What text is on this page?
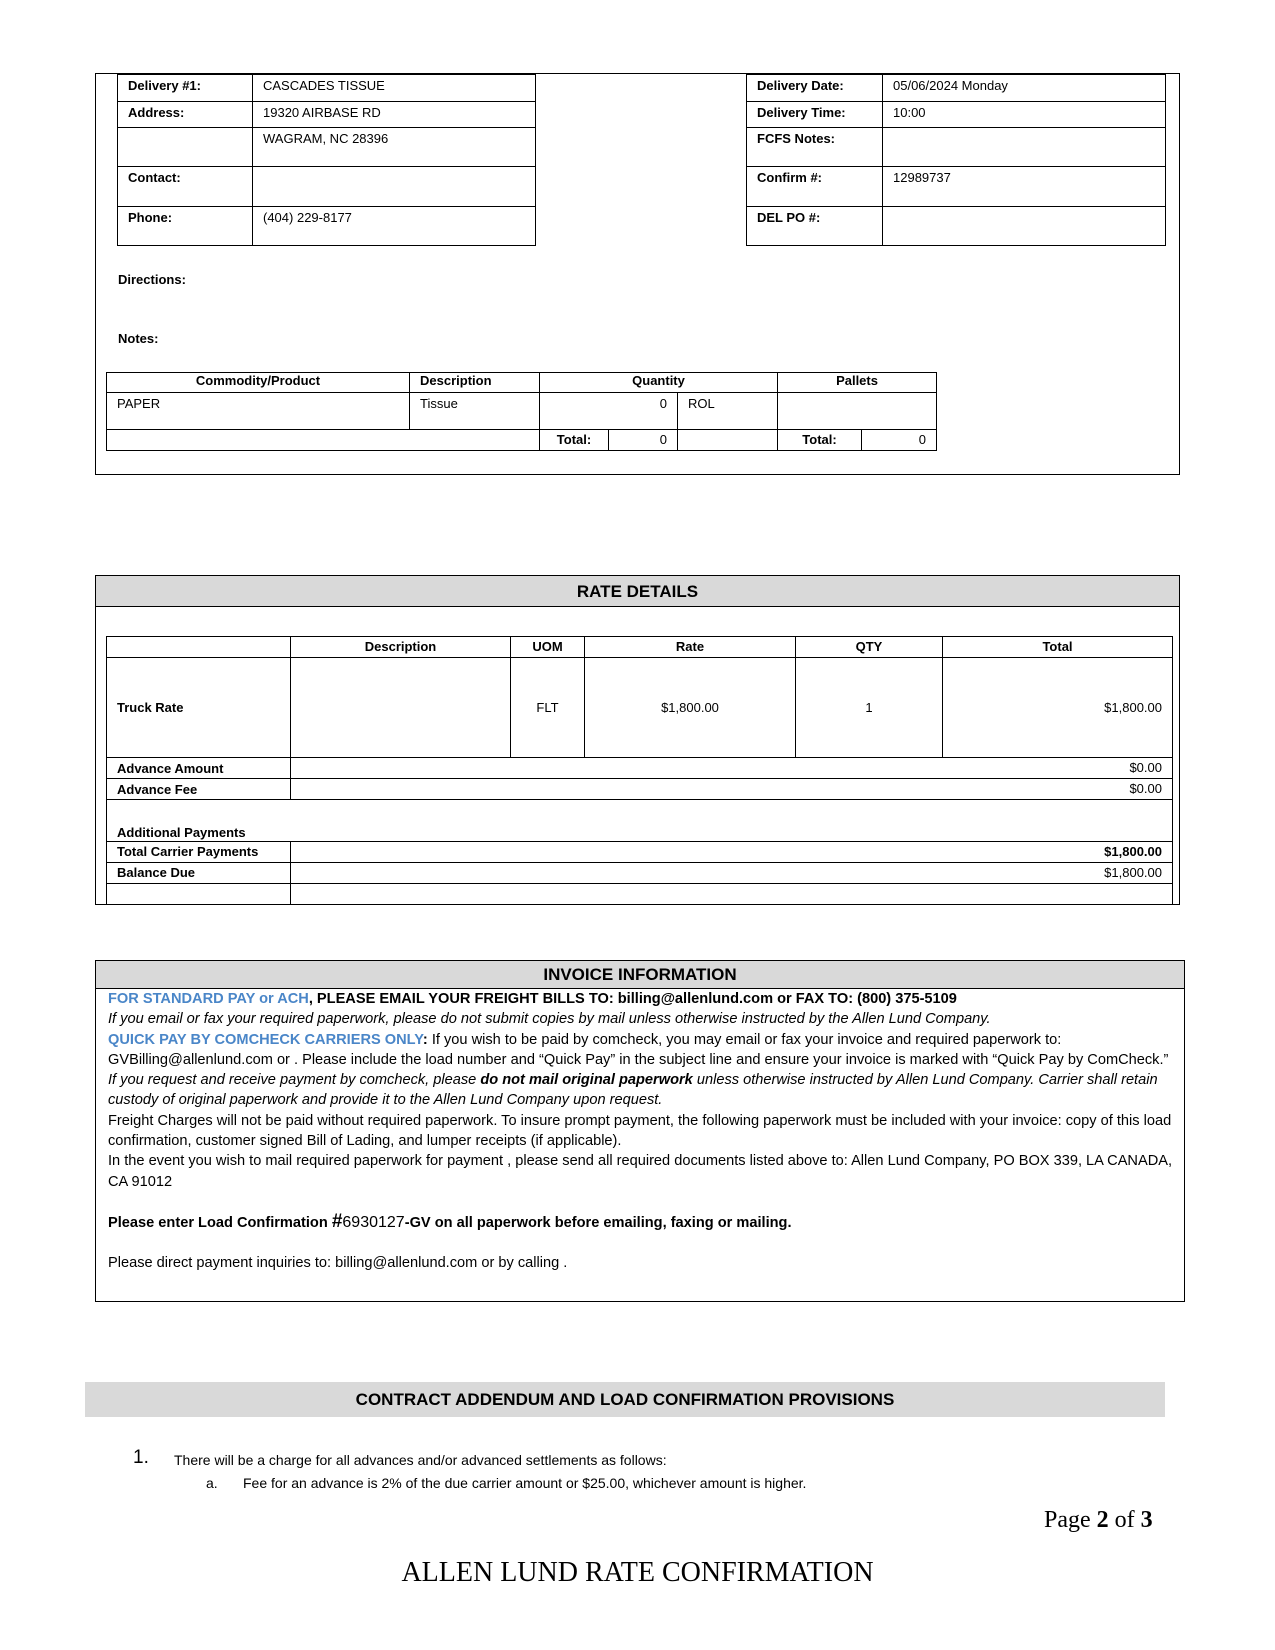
Delivery #1:	CASCADES TISSUE
Address:	19320 AIRBASE RD
	WAGRAM, NC 28396
Contact:	
Phone:	(404) 229-8177
Delivery Date:	05/06/2024 Monday
Delivery Time:	10:00
FCFS Notes:	
Confirm #:	12989737
DEL PO #:	
Directions:
Notes:
Commodity/Product	Description	Quantity			Pallets	
PAPER	Tissue	0		ROL		
		Total:	0		Total:	0
RATE DETAILS
	Description	UOM	Rate	QTY	Total
Truck Rate		FLT	$1,800.00	1	$1,800.00
Advance Amount	$0.00				
Advance Fee	$0.00				
Additional Payments					
Total Carrier Payments	$1,800.00				
Balance Due	$1,800.00				

INVOICE INFORMATION

FOR STANDARD PAY or ACH, PLEASE EMAIL YOUR FREIGHT BILLS TO: billing@allenlund.com or FAX TO: (800) 375-5109

If you email or fax your required paperwork, please do not submit copies by mail unless otherwise instructed by the Allen Lund Company.

QUICK PAY BY COMCHECK CARRIERS ONLY: If you wish to be paid by comcheck, you may email or fax your invoice and required paperwork to: GVBilling@allenlund.com or . Please include the load number and “Quick Pay” in the subject line and ensure your invoice is marked with “Quick Pay by ComCheck.”

If you request and receive payment by comcheck, please do not mail original paperwork unless otherwise instructed by Allen Lund Company. Carrier shall retain custody of original paperwork and provide it to the Allen Lund Company upon request.

Freight Charges will not be paid without required paperwork. To insure prompt payment, the following paperwork must be included with your invoice: copy of this load confirmation, customer signed Bill of Lading, and lumper receipts (if applicable).

In the event you wish to mail required paperwork for payment , please send all required documents listed above to: Allen Lund Company, PO BOX 339, LA CANADA, CA 91012

Please enter Load Confirmation #6930127-GV on all paperwork before emailing, faxing or mailing.

Please direct payment inquiries to: billing@allenlund.com or by calling .

CONTRACT ADDENDUM AND LOAD CONFIRMATION PROVISIONS
1. There will be a charge for all advances and/or advanced settlements as follows:
a. Fee for an advance is 2% of the due carrier amount or $25.00, whichever amount is higher.
Page 2 of 3
ALLEN LUND RATE CONFIRMATION
